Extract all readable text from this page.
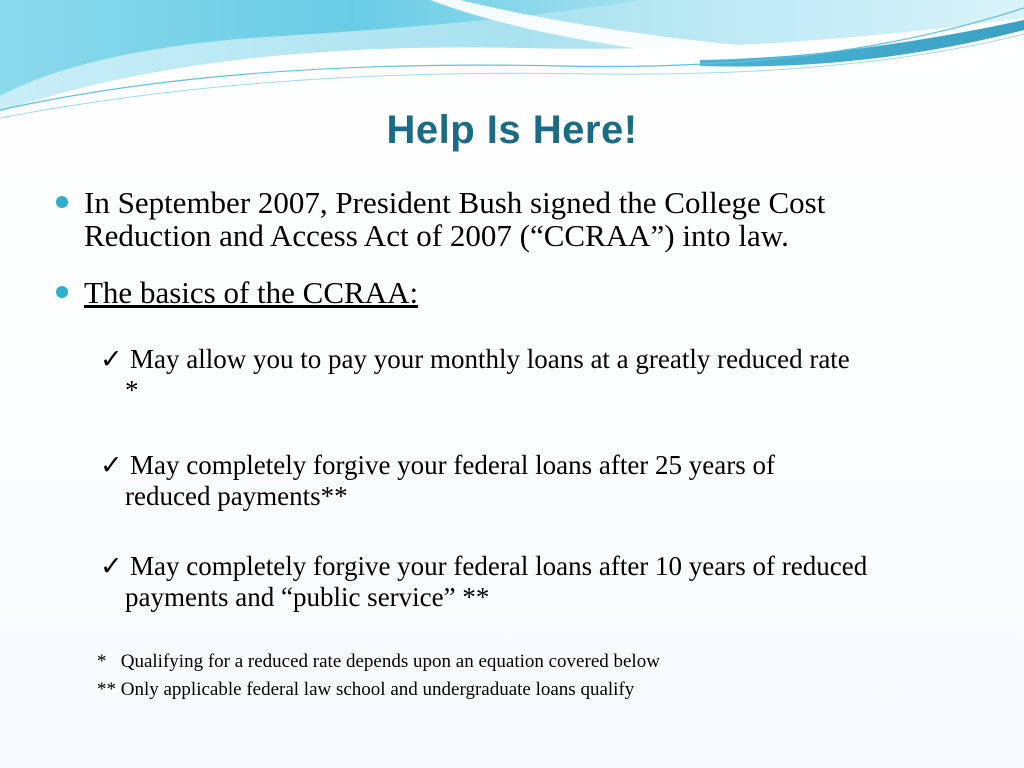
Help Is Here!
In September 2007, President Bush signed the College Cost
Reduction and Access Act of 2007 (“CCRAA”) into law.
The basics of the CCRAA:
✓ May allow you to pay your monthly loans at a greatly reduced rate
*
✓ May completely forgive your federal loans after 25 years of
reduced payments**
✓ May completely forgive your federal loans after 10 years of reduced
payments and “public service” **
*   Qualifying for a reduced rate depends upon an equation covered below
** Only applicable federal law school and undergraduate loans qualify
